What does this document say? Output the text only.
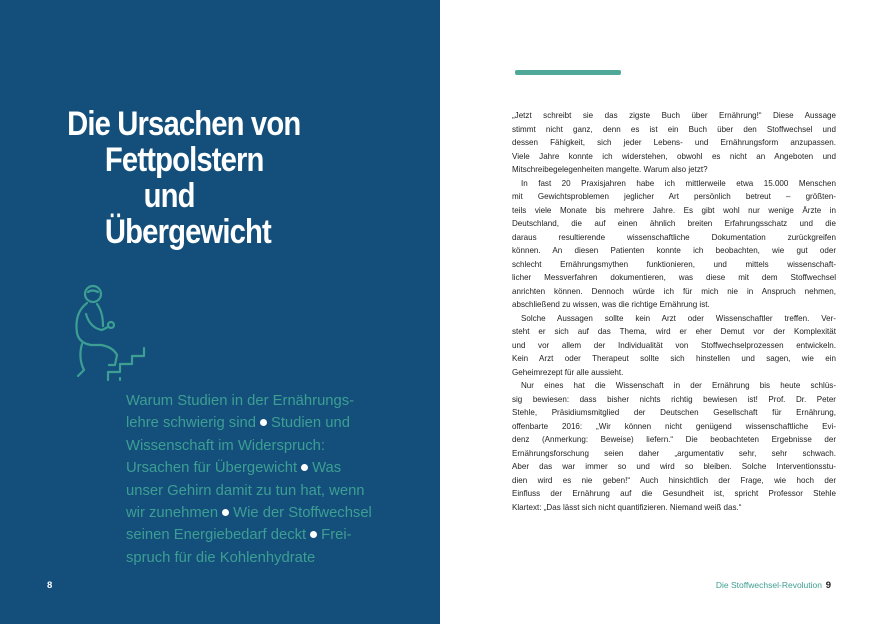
Die Ursachen von
Fettpolstern
und
Übergewicht
Warum Studien in der Ernährungs-
lehre schwierig sind Studien und
Wissenschaft im Widerspruch:
Ursachen für Übergewicht Was
unser Gehirn damit zu tun hat, wenn
wir zunehmen Wie der Stoffwechsel
seinen Energiebedarf deckt Frei-
spruch für die Kohlenhydrate
8
„Jetzt schreibt sie das zigste Buch über Ernährung!“ Diese Aussage
stimmt nicht ganz, denn es ist ein Buch über den Stoffwechsel und
dessen Fähigkeit, sich jeder Lebens- und Ernährungsform anzupassen.
Viele Jahre konnte ich widerstehen, obwohl es nicht an Angeboten und
Mitschreibegelegenheiten mangelte. Warum also jetzt?
In fast 20 Praxisjahren habe ich mittlerweile etwa 15.000 Menschen
mit Gewichtsproblemen jeglicher Art persönlich betreut – größten-
teils viele Monate bis mehrere Jahre. Es gibt wohl nur wenige Ärzte in
Deutschland, die auf einen ähnlich breiten Erfahrungsschatz und die
daraus resultierende wissenschaftliche Dokumentation zurückgreifen
können. An diesen Patienten konnte ich beobachten, wie gut oder
schlecht Ernährungsmythen funktionieren, und mittels wissenschaft-
licher Messverfahren dokumentieren, was diese mit dem Stoffwechsel
anrichten können. Dennoch würde ich für mich nie in Anspruch nehmen,
abschließend zu wissen, was die richtige Ernährung ist.
Solche Aussagen sollte kein Arzt oder Wissenschaftler treffen. Ver-
steht er sich auf das Thema, wird er eher Demut vor der Komplexität
und vor allem der Individualität von Stoffwechselprozessen entwickeln.
Kein Arzt oder Therapeut sollte sich hinstellen und sagen, wie ein
Geheimrezept für alle aussieht.
Nur eines hat die Wissenschaft in der Ernährung bis heute schlüs-
sig bewiesen: dass bisher nichts richtig bewiesen ist! Prof. Dr. Peter
Stehle, Präsidiumsmitglied der Deutschen Gesellschaft für Ernährung,
offenbarte 2016: „Wir können nicht genügend wissenschaftliche Evi-
denz (Anmerkung: Beweise) liefern.“ Die beobachteten Ergebnisse der
Ernährungsforschung seien daher „argumentativ sehr, sehr schwach.
Aber das war immer so und wird so bleiben. Solche Interventionsstu-
dien wird es nie geben!“ Auch hinsichtlich der Frage, wie hoch der
Einfluss der Ernährung auf die Gesundheit ist, spricht Professor Stehle
Klartext: „Das lässt sich nicht quantifizieren. Niemand weiß das.“
Die Stoffwechsel-Revolution 9
